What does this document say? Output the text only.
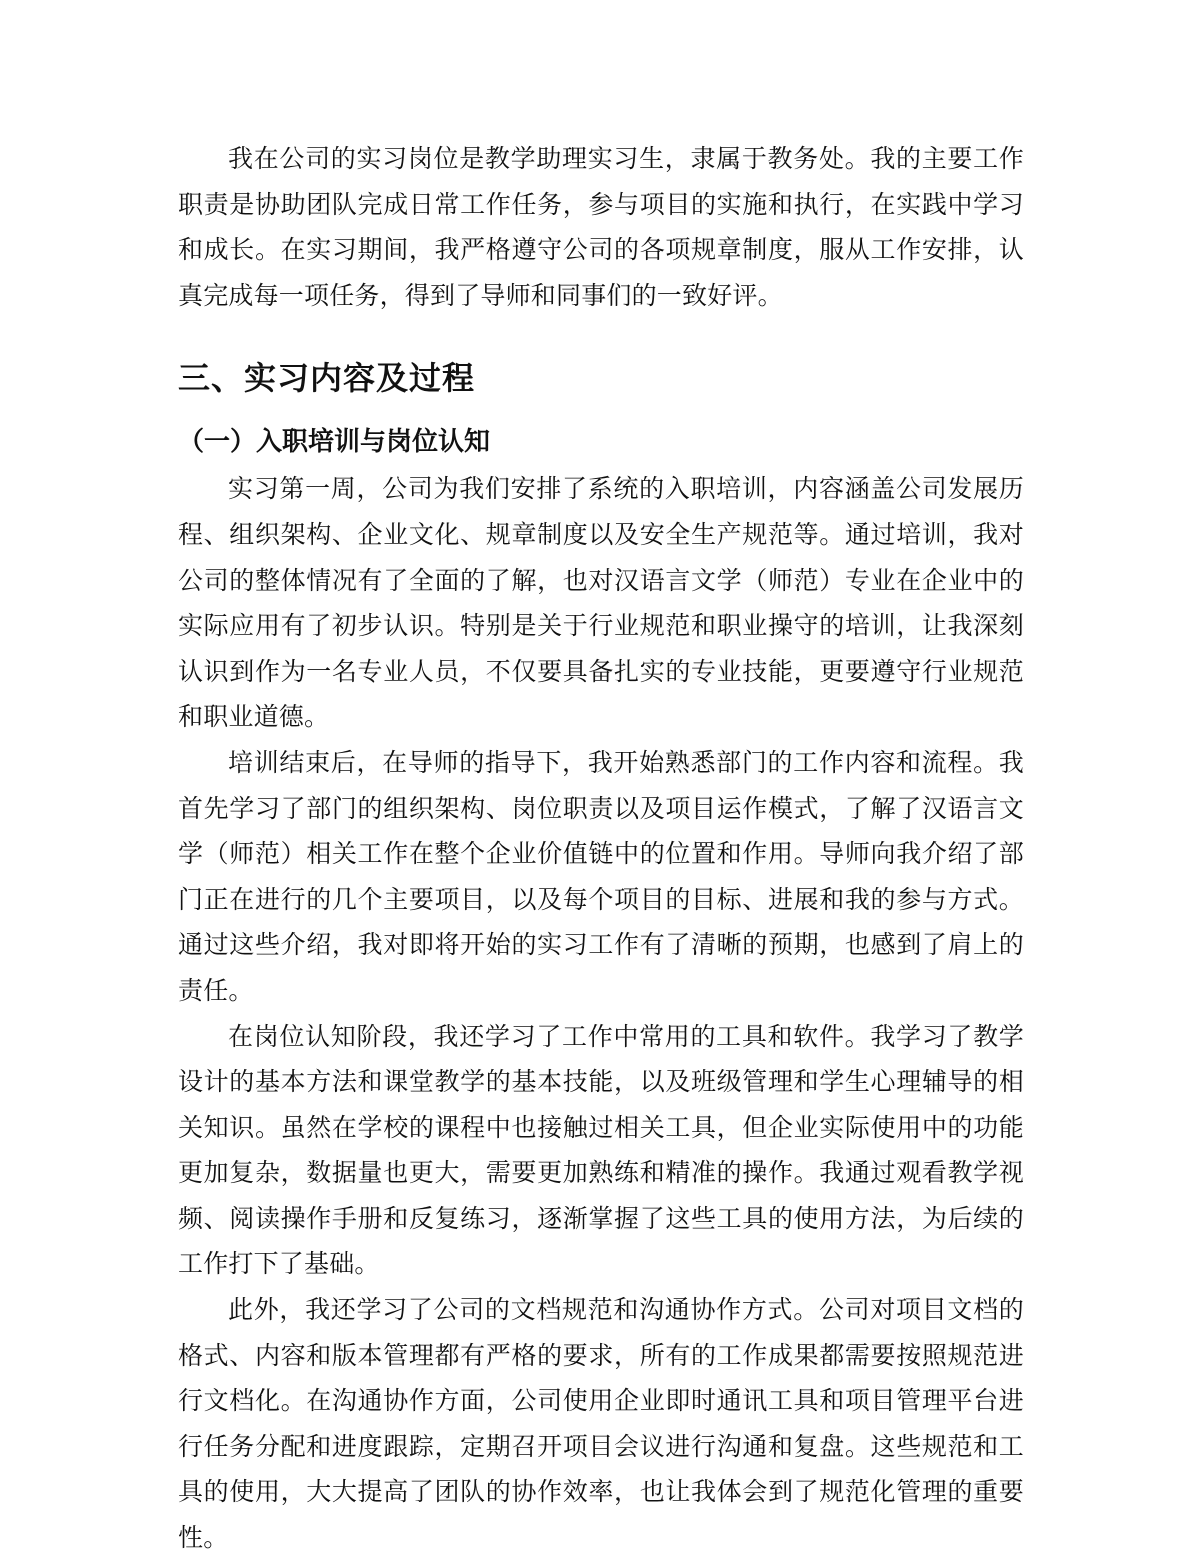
我在公司的实习岗位是教学助理实习生，隶属于教务处。我的主要工作职责是协助团队完成日常工作任务，参与项目的实施和执行，在实践中学习和成长。在实习期间，我严格遵守公司的各项规章制度，服从工作安排，认真完成每一项任务，得到了导师和同事们的一致好评。

三、实习内容及过程
（一）入职培训与岗位认知

实习第一周，公司为我们安排了系统的入职培训，内容涵盖公司发展历程、组织架构、企业文化、规章制度以及安全生产规范等。通过培训，我对公司的整体情况有了全面的了解，也对汉语言文学（师范）专业在企业中的实际应用有了初步认识。特别是关于行业规范和职业操守的培训，让我深刻认识到作为一名专业人员，不仅要具备扎实的专业技能，更要遵守行业规范和职业道德。

培训结束后，在导师的指导下，我开始熟悉部门的工作内容和流程。我首先学习了部门的组织架构、岗位职责以及项目运作模式，了解了汉语言文学（师范）相关工作在整个企业价值链中的位置和作用。导师向我介绍了部门正在进行的几个主要项目，以及每个项目的目标、进展和我的参与方式。通过这些介绍，我对即将开始的实习工作有了清晰的预期，也感到了肩上的责任。

在岗位认知阶段，我还学习了工作中常用的工具和软件。我学习了教学设计的基本方法和课堂教学的基本技能，以及班级管理和学生心理辅导的相关知识。虽然在学校的课程中也接触过相关工具，但企业实际使用中的功能更加复杂，数据量也更大，需要更加熟练和精准的操作。我通过观看教学视频、阅读操作手册和反复练习，逐渐掌握了这些工具的使用方法，为后续的工作打下了基础。

此外，我还学习了公司的文档规范和沟通协作方式。公司对项目文档的格式、内容和版本管理都有严格的要求，所有的工作成果都需要按照规范进行文档化。在沟通协作方面，公司使用企业即时通讯工具和项目管理平台进行任务分配和进度跟踪，定期召开项目会议进行沟通和复盘。这些规范和工具的使用，大大提高了团队的协作效率，也让我体会到了规范化管理的重要性。
